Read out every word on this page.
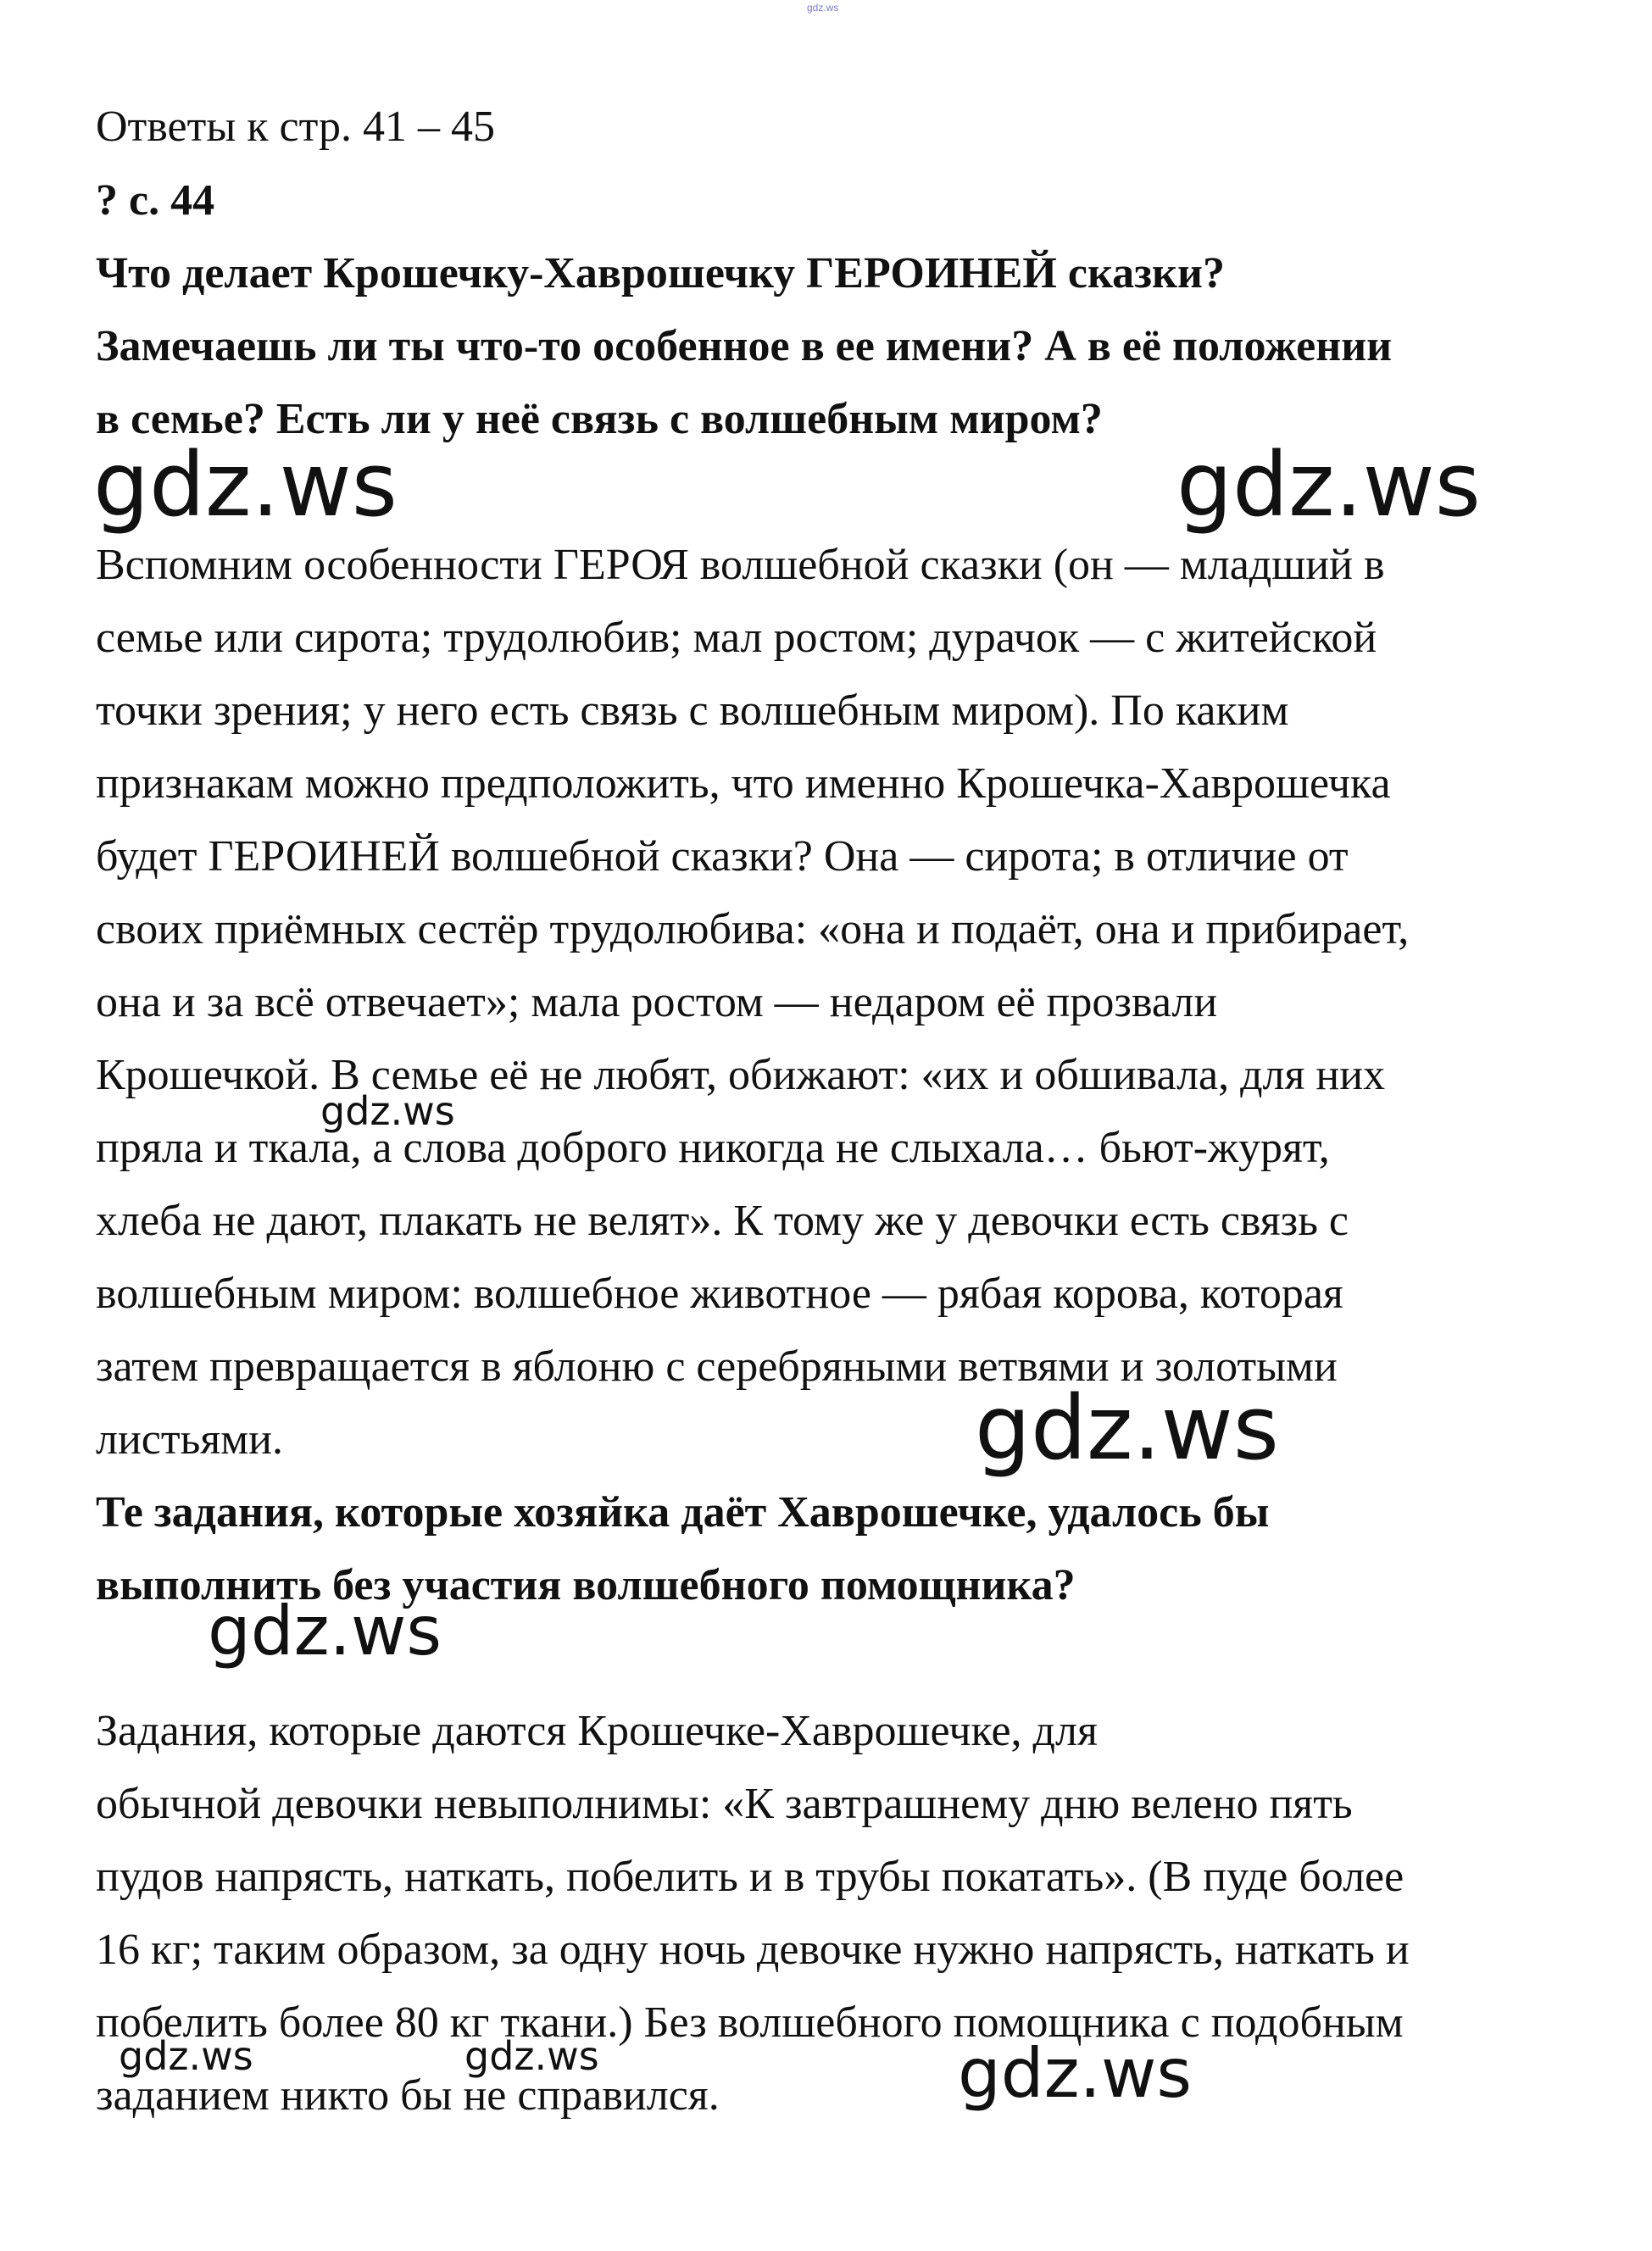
gdz.ws
Ответы к стр. 41 – 45
? с. 44
Что делает Крошечку-Хаврошечку ГЕРОИНЕЙ сказки?
Замечаешь ли ты что-то особенное в ее имени? А в её положении
в семье? Есть ли у неё связь с волшебным миром?
Вспомним особенности ГЕРОЯ волшебной сказки (он — младший в
семье или сирота; трудолюбив; мал ростом; дурачок — с житейской
точки зрения; у него есть связь с волшебным миром). По каким
признакам можно предположить, что именно Крошечка-Хаврошечка
будет ГЕРОИНЕЙ волшебной сказки? Она — сирота; в отличие от
своих приёмных сестёр трудолюбива: «она и подаёт, она и прибирает,
она и за всё отвечает»; мала ростом — недаром её прозвали
Крошечкой. В семье её не любят, обижают: «их и обшивала, для них
пряла и ткала, а слова доброго никогда не слыхала… бьют-журят,
хлеба не дают, плакать не велят». К тому же у девочки есть связь с
волшебным миром: волшебное животное — рябая корова, которая
затем превращается в яблоню с серебряными ветвями и золотыми
листьями.
Те задания, которые хозяйка даёт Хаврошечке, удалось бы
выполнить без участия волшебного помощника?
Задания, которые даются Крошечке-Хаврошечке, для
обычной девочки невыполнимы: «К завтрашнему дню велено пять
пудов напрясть, наткать, побелить и в трубы покатать». (В пуде более
16 кг; таким образом, за одну ночь девочке нужно напрясть, наткать и
побелить более 80 кг ткани.) Без волшебного помощника с подобным
заданием никто бы не справился.
gdz.ws	gdz.ws
gdz.ws
gdz.ws
gdz.ws
gdz.ws	gdz.ws	gdz.ws
